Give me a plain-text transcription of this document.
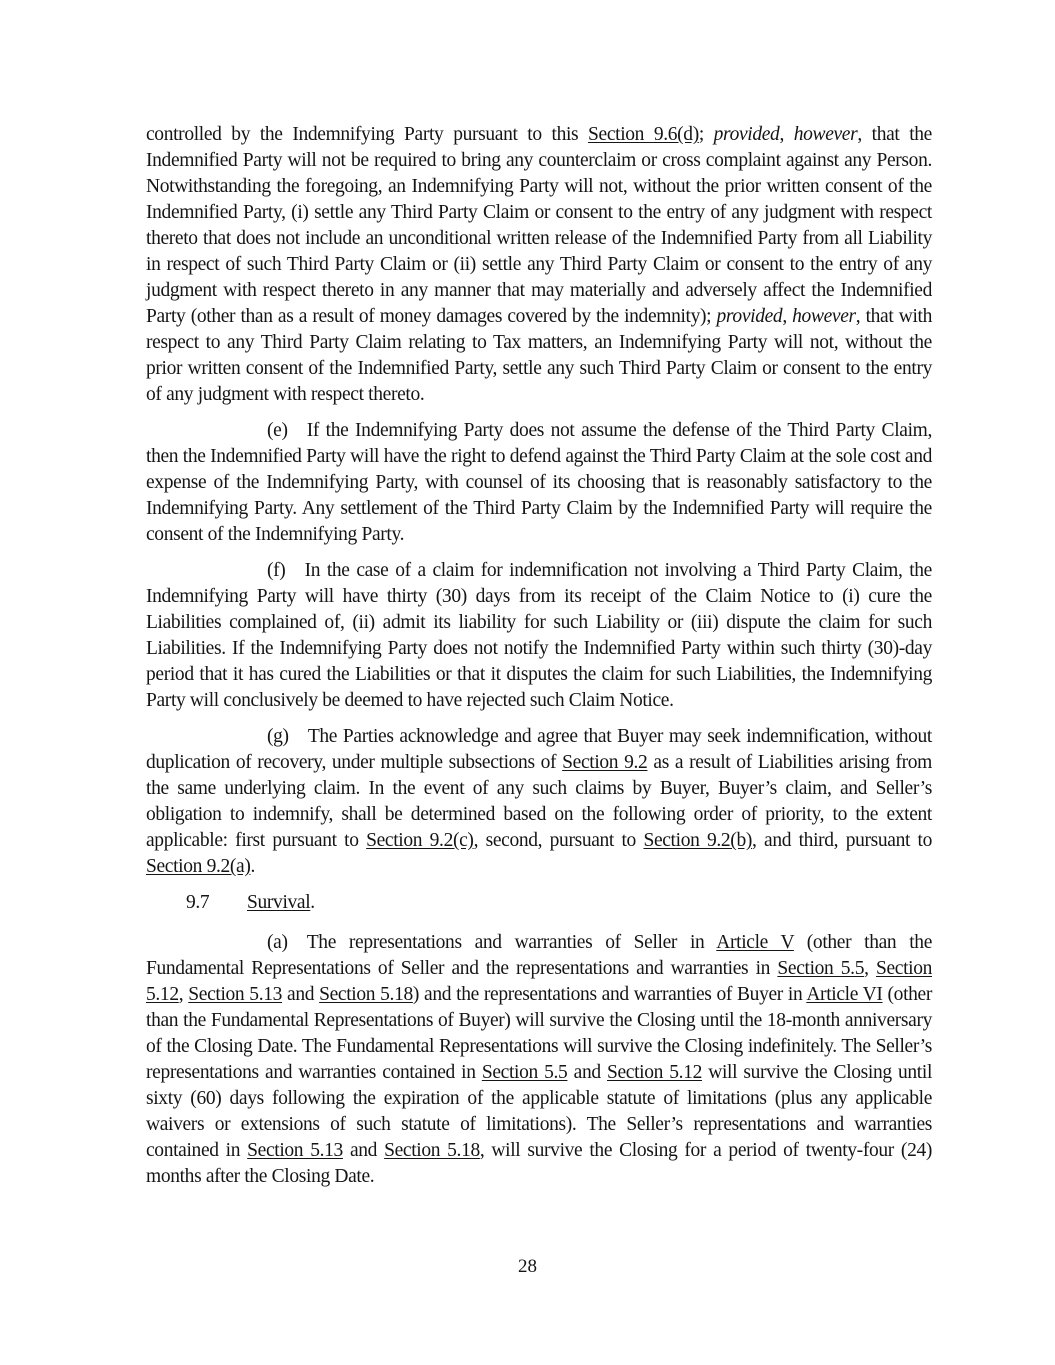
controlled by the Indemnifying Party pursuant to this Section 9.6(d); provided, however, that the Indemnified Party will not be required to bring any counterclaim or cross complaint against any Person. Notwithstanding the foregoing, an Indemnifying Party will not, without the prior written consent of the Indemnified Party, (i) settle any Third Party Claim or consent to the entry of any judgment with respect thereto that does not include an unconditional written release of the Indemnified Party from all Liability in respect of such Third Party Claim or (ii) settle any Third Party Claim or consent to the entry of any judgment with respect thereto in any manner that may materially and adversely affect the Indemnified Party (other than as a result of money damages covered by the indemnity); provided, however, that with respect to any Third Party Claim relating to Tax matters, an Indemnifying Party will not, without the prior written consent of the Indemnified Party, settle any such Third Party Claim or consent to the entry of any judgment with respect thereto.

(e) If the Indemnifying Party does not assume the defense of the Third Party Claim, then the Indemnified Party will have the right to defend against the Third Party Claim at the sole cost and expense of the Indemnifying Party, with counsel of its choosing that is reasonably satisfactory to the Indemnifying Party. Any settlement of the Third Party Claim by the Indemnified Party will require the consent of the Indemnifying Party.

(f) In the case of a claim for indemnification not involving a Third Party Claim, the Indemnifying Party will have thirty (30) days from its receipt of the Claim Notice to (i) cure the Liabilities complained of, (ii) admit its liability for such Liability or (iii) dispute the claim for such Liabilities. If the Indemnifying Party does not notify the Indemnified Party within such thirty (30)-day period that it has cured the Liabilities or that it disputes the claim for such Liabilities, the Indemnifying Party will conclusively be deemed to have rejected such Claim Notice.

(g) The Parties acknowledge and agree that Buyer may seek indemnification, without duplication of recovery, under multiple subsections of Section 9.2 as a result of Liabilities arising from the same underlying claim. In the event of any such claims by Buyer, Buyer’s claim, and Seller’s obligation to indemnify, shall be determined based on the following order of priority, to the extent applicable: first pursuant to Section 9.2(c), second, pursuant to Section 9.2(b), and third, pursuant to Section 9.2(a).

9.7 Survival.

(a) The representations and warranties of Seller in Article V (other than the Fundamental Representations of Seller and the representations and warranties in Section 5.5, Section 5.12, Section 5.13 and Section 5.18) and the representations and warranties of Buyer in Article VI (other than the Fundamental Representations of Buyer) will survive the Closing until the 18-month anniversary of the Closing Date. The Fundamental Representations will survive the Closing indefinitely. The Seller’s representations and warranties contained in Section 5.5 and Section 5.12 will survive the Closing until sixty (60) days following the expiration of the applicable statute of limitations (plus any applicable waivers or extensions of such statute of limitations). The Seller’s representations and warranties contained in Section 5.13 and Section 5.18, will survive the Closing for a period of twenty-four (24) months after the Closing Date.

28
